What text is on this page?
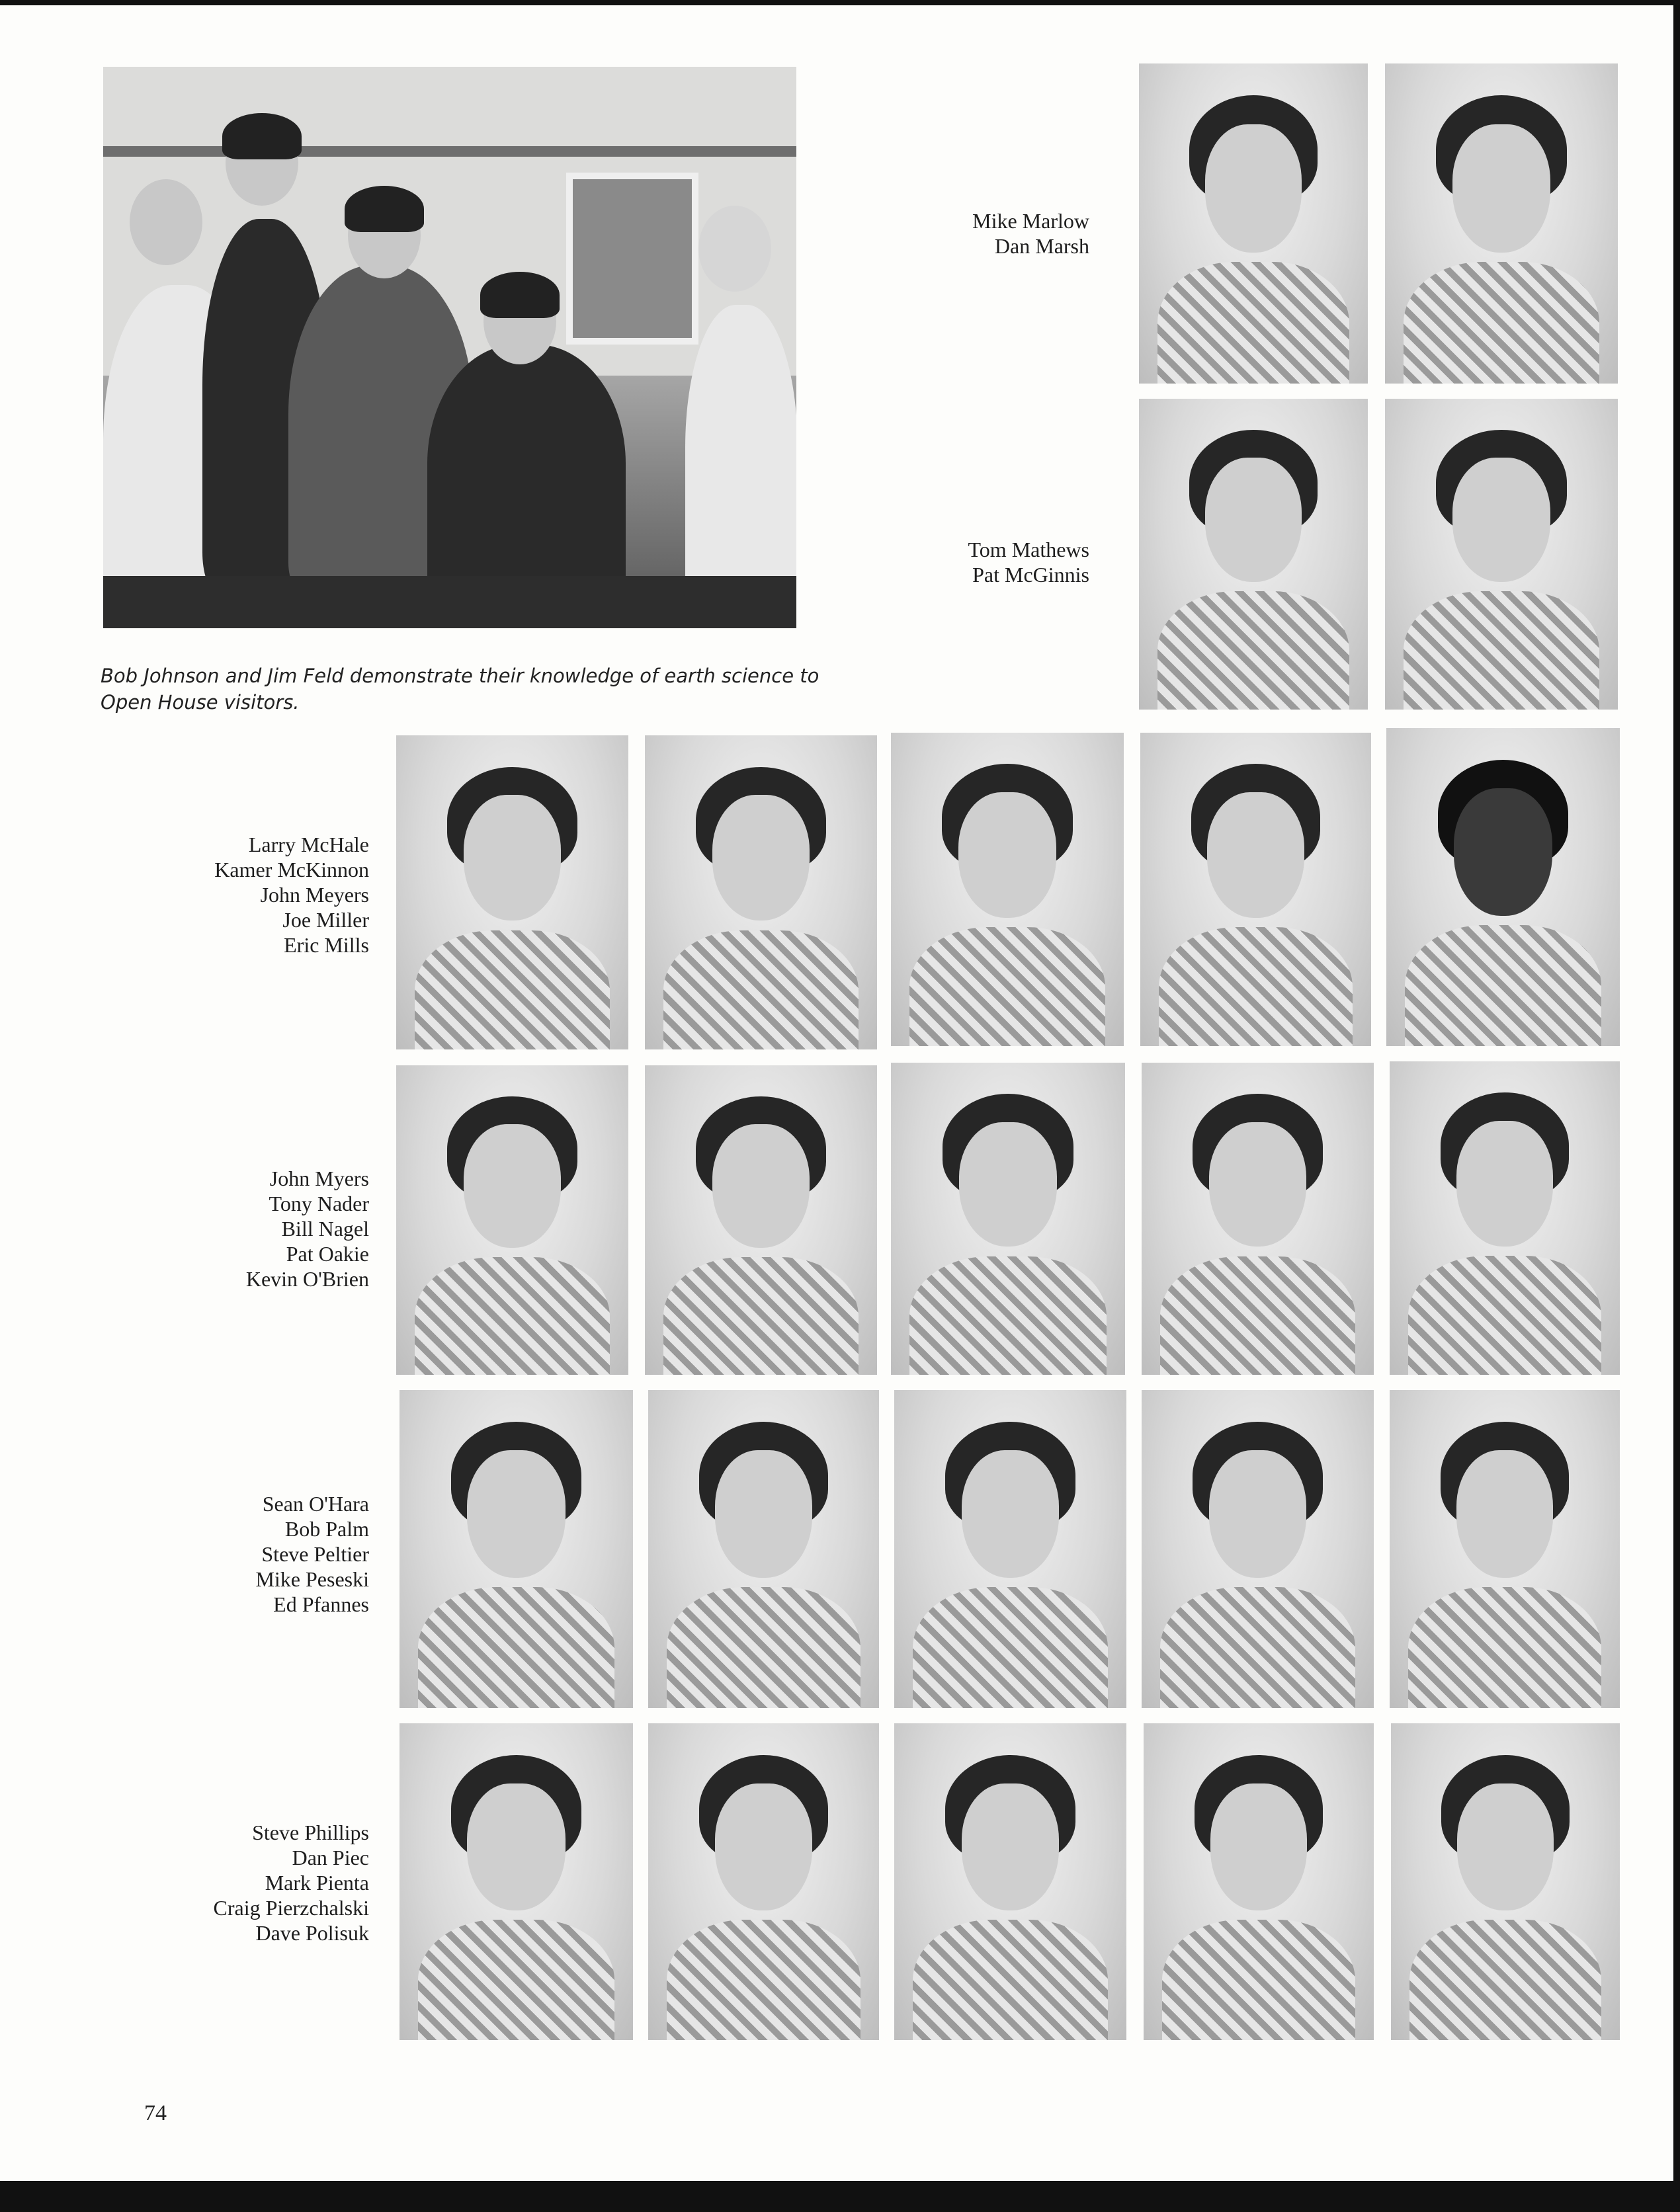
Bob Johnson and Jim Feld demonstrate their knowledge of earth science to Open House visitors.

Mike Marlow
Dan Marsh
Tom Mathews
Pat McGinnis
Larry McHale
Kamer McKinnon
John Meyers
Joe Miller
Eric Mills
John Myers
Tony Nader
Bill Nagel
Pat Oakie
Kevin O'Brien
Sean O'Hara
Bob Palm
Steve Peltier
Mike Peseski
Ed Pfannes
Steve Phillips
Dan Piec
Mark Pienta
Craig Pierzchalski
Dave Polisuk
74
